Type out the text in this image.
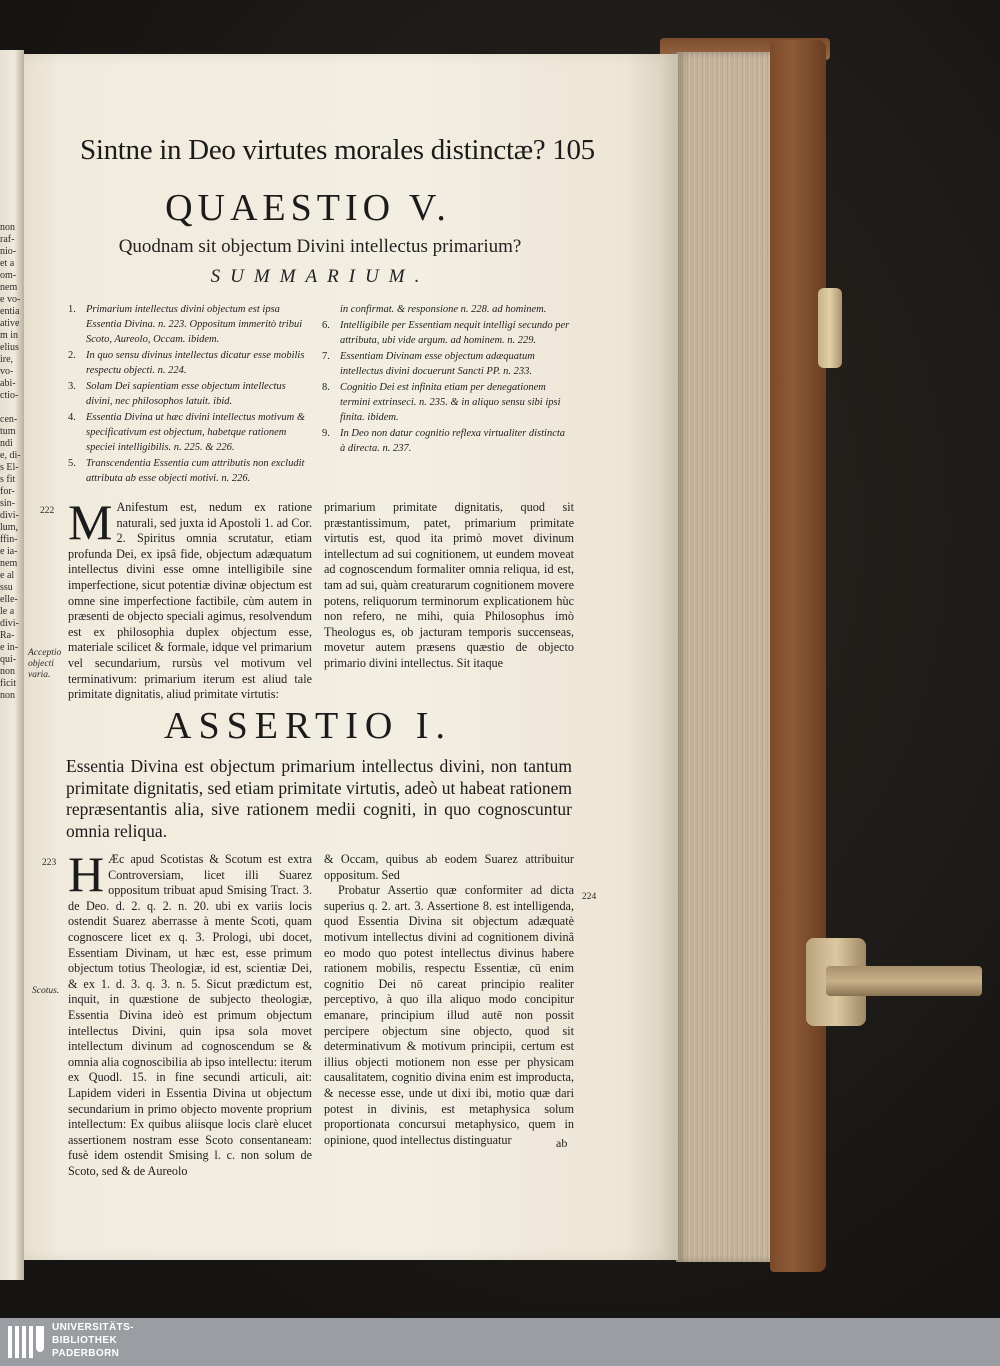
non
raf-
nio-
et a
om-
nem
e vo-
entia
ative
m in
elius
ire,
vo-
abi-
ctio-

cen-
tum
ndi
e, di-
s El-
s fit
for-
sin-
divi-
lum,
ffin-
e ia-
nem
e al
ssu
elle-
le a
divi-
Ra-
e in-
qui-
non
ficit
non
Sintne in Deo virtutes morales distinctæ? 105
QUAESTIO V.
Quodnam sit objectum Divini intellectus primarium?
SUMMARIUM.
1. Primarium intellectus divini objectum est ipsa Essentia Divina. n. 223. Oppositum immeritò tribui Scoto, Aureolo, Occam. ibidem.
2. In quo sensu divinus intellectus dicatur esse mobilis respectu objecti. n. 224.
3. Solam Dei sapientiam esse objectum intellectus divini, nec philosophos latuit. ibid.
4. Essentia Divina ut hæc divini intellectus motivum & specificativum est objectum, habetque rationem speciei intelligibilis. n. 225. & 226.
5. Transcendentia Essentia cum attributis non excludit attributa ab esse objecti motivi. n. 226.
in confirmat. & responsione n. 228. ad hominem.
6. Intelligibile per Essentiam nequit intelligi secundo per attributa, ubi vide argum. ad hominem. n. 229.
7. Essentiam Divinam esse objectum adæquatum intellectus divini docuerunt Sancti PP. n. 233.
8. Cognitio Dei est infinita etiam per denegationem termini extrinseci. n. 235. & in aliquo sensu sibi ipsi finita. ibidem.
9. In Deo non datur cognitio reflexa virtualiter distincta à directa. n. 237.
222
Acceptio objecti varia.
M Anifestum est, nedum ex ratione naturali, sed juxta id Apostoli 1. ad Cor. 2. Spiritus omnia scrutatur, etiam profunda Dei, ex ipsâ fide, objectum adæquatum intellectus divini esse omne intelligibile sine imperfectione, sicut potentiæ divinæ objectum est omne sine imperfectione factibile, cùm autem in præsenti de objecto speciali agimus, resolvendum est ex philosophia duplex objectum esse, materiale scilicet & formale, idque vel primarium vel secundarium, rursùs vel motivum vel terminativum: primarium iterum est aliud tale primitate dignitatis, aliud primitate virtutis:
primarium primitate dignitatis, quod sit præstantissimum, patet, primarium primitate virtutis est, quod ita primò movet divinum intellectum ad sui cognitionem, ut eundem moveat ad cognoscendum formaliter omnia reliqua, id est, tam ad sui, quàm creaturarum cognitionem movere potens, reliquorum terminorum explicationem hùc non refero, ne mihi, quia Philosophus imò Theologus es, ob jacturam temporis succenseas, movetur autem præsens quæstio de objecto primario divini intellectus. Sit itaque
ASSERTIO I.
Essentia Divina est objectum primarium intellectus divini, non tantum primitate dignitatis, sed etiam primitate virtutis, adeò ut habeat rationem repræsentantis alia, sive rationem medii cogniti, in quo cognoscuntur omnia reliqua.
223
Scotus.
224
H Æc apud Scotistas & Scotum est extra Controversiam, licet illi Suarez oppositum tribuat apud Smising Tract. 3. de Deo. d. 2. q. 2. n. 20. ubi ex variis locis ostendit Suarez aberrasse à mente Scoti, quam cognoscere licet ex q. 3. Prologi, ubi docet, Essentiam Divinam, ut hæc est, esse primum objectum totius Theologiæ, id est, scientiæ Dei, & ex 1. d. 3. q. 3. n. 5. Sicut prædictum est, inquit, in quæstione de subjecto theologiæ, Essentia Divina ideò est primum objectum intellectus Divini, quin ipsa sola movet intellectum divinum ad cognoscendum se & omnia alia cognoscibilia ab ipso intellectu: iterum ex Quodl. 15. in fine secundi articuli, ait: Lapidem videri in Essentia Divina ut objectum secundarium in primo objecto movente proprium intellectum: Ex quibus aliisque locis clarè elucet assertionem nostram esse Scoto consentaneam: fusè idem ostendit Smising l. c. non solum de Scoto, sed & de Aureolo
& Occam, quibus ab eodem Suarez attribuitur oppositum. Sed
Probatur Assertio quæ conformiter ad dicta superius q. 2. art. 3. Assertione 8. est intelligenda, quod Essentia Divina sit objectum adæquatè motivum intellectus divini ad cognitionem divinâ eo modo quo potest intellectus divinus habere rationem mobilis, respectu Essentiæ, cū enim cognitio Dei nō careat principio realiter perceptivo, à quo illa aliquo modo concipitur emanare, principium illud autē non possit percipere objectum sine objecto, quod sit determinativum & motivum principii, certum est illius objecti motionem non esse per physicam causalitatem, cognitio divina enim est improducta, & necesse esse, unde ut dixi ibi, motio quæ dari potest in divinis, est metaphysica solum proportionata concursui metaphysico, quem in opinione, quod intellectus distinguatur	ab
UNIVERSITÄTS-
BIBLIOTHEK
PADERBORN
